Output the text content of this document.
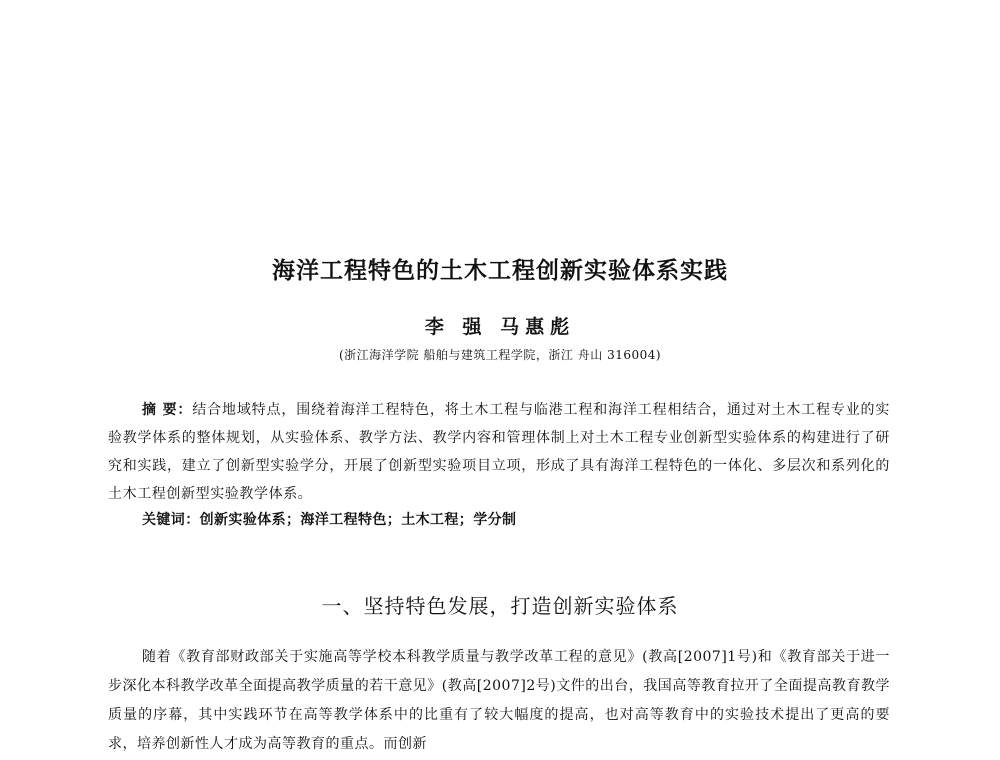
海洋工程特色的土木工程创新实验体系实践
李 强 马惠彪
(浙江海洋学院 船舶与建筑工程学院，浙江 舟山 316004)

摘 要：结合地域特点，围绕着海洋工程特色，将土木工程与临港工程和海洋工程相结合，通过对土木工程专业的实验教学体系的整体规划，从实验体系、教学方法、教学内容和管理体制上对土木工程专业创新型实验体系的构建进行了研究和实践，建立了创新型实验学分，开展了创新型实验项目立项，形成了具有海洋工程特色的一体化、多层次和系列化的土木工程创新型实验教学体系。

关键词：创新实验体系；海洋工程特色；土木工程；学分制
一、坚持特色发展，打造创新实验体系

随着《教育部财政部关于实施高等学校本科教学质量与教学改革工程的意见》(教高[2007]1号)和《教育部关于进一步深化本科教学改革全面提高教学质量的若干意见》(教高[2007]2号)文件的出台，我国高等教育拉开了全面提高教育教学质量的序幕，其中实践环节在高等教学体系中的比重有了较大幅度的提高，也对高等教育中的实验技术提出了更高的要求，培养创新性人才成为高等教育的重点。而创新
